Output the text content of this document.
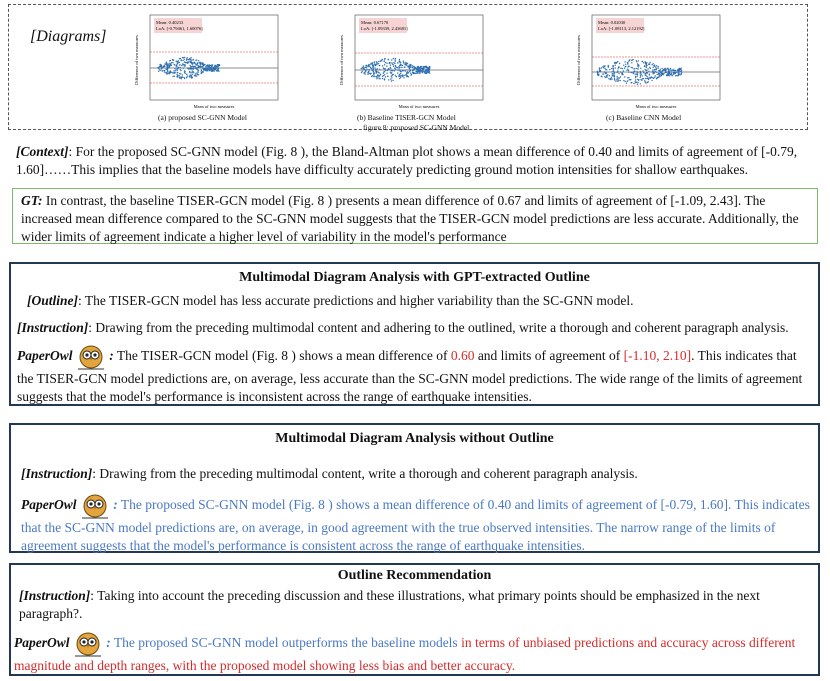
[Diagrams]
Mean: 0.40233
LoA: [-0.79461, 1.60076]
Difference of two measures
Mean of two measures
(a) proposed SC-GNN Model
Mean: 0.67170
LoA: [-1.09339, 2.43681]
Difference of two measures
Mean of two measures
(b) Baseline TISER-GCN Model
figure 8: proposed SC-GNN Model
Mean: 0.02030
LoA: [-1.08113, 2.12192]
Difference of two measures
Mean of two measures
(c) Baseline CNN Model
[Context]: For the proposed SC-GNN model (Fig. 8 ), the Bland-Altman plot shows a mean difference of 0.40 and limits of agreement of [-0.79, 1.60]……This implies that the baseline models have difficulty accurately predicting ground motion intensities for shallow earthquakes.
GT: In contrast, the baseline TISER-GCN model (Fig. 8 ) presents a mean difference of 0.67 and limits of agreement of [-1.09, 2.43]. The increased mean difference compared to the SC-GNN model suggests that the TISER-GCN model predictions are less accurate. Additionally, the wider limits of agreement indicate a higher level of variability in the model's performance
Multimodal Diagram Analysis with GPT-extracted Outline
[Outline]: The TISER-GCN model has less accurate predictions and higher variability than the SC-GNN model.
[Instruction]: Drawing from the preceding multimodal content and adhering to the outlined, write a thorough and coherent paragraph analysis.
PaperOwl	: The TISER-GCN model (Fig. 8 ) shows a mean difference of 0.60 and limits of agreement of [-1.10, 2.10]. This indicates that the TISER-GCN model predictions are, on average, less accurate than the SC-GNN model predictions. The wide range of the limits of agreement suggests that the model's performance is inconsistent across the range of earthquake intensities.
Multimodal Diagram Analysis without Outline
[Instruction]: Drawing from the preceding multimodal content, write a thorough and coherent paragraph analysis.
PaperOwl	: The proposed SC-GNN model (Fig. 8 ) shows a mean difference of 0.40 and limits of agreement of [-0.79, 1.60]. This indicates that the SC-GNN model predictions are, on average, in good agreement with the true observed intensities. The narrow range of the limits of agreement suggests that the model's performance is consistent across the range of earthquake intensities.
Outline Recommendation
[Instruction]: Taking into account the preceding discussion and these illustrations, what primary points should be emphasized in the next paragraph?.
PaperOwl	: The proposed SC-GNN model outperforms the baseline models in terms of unbiased predictions and accuracy across different magnitude and depth ranges, with the proposed model showing less bias and better accuracy.
